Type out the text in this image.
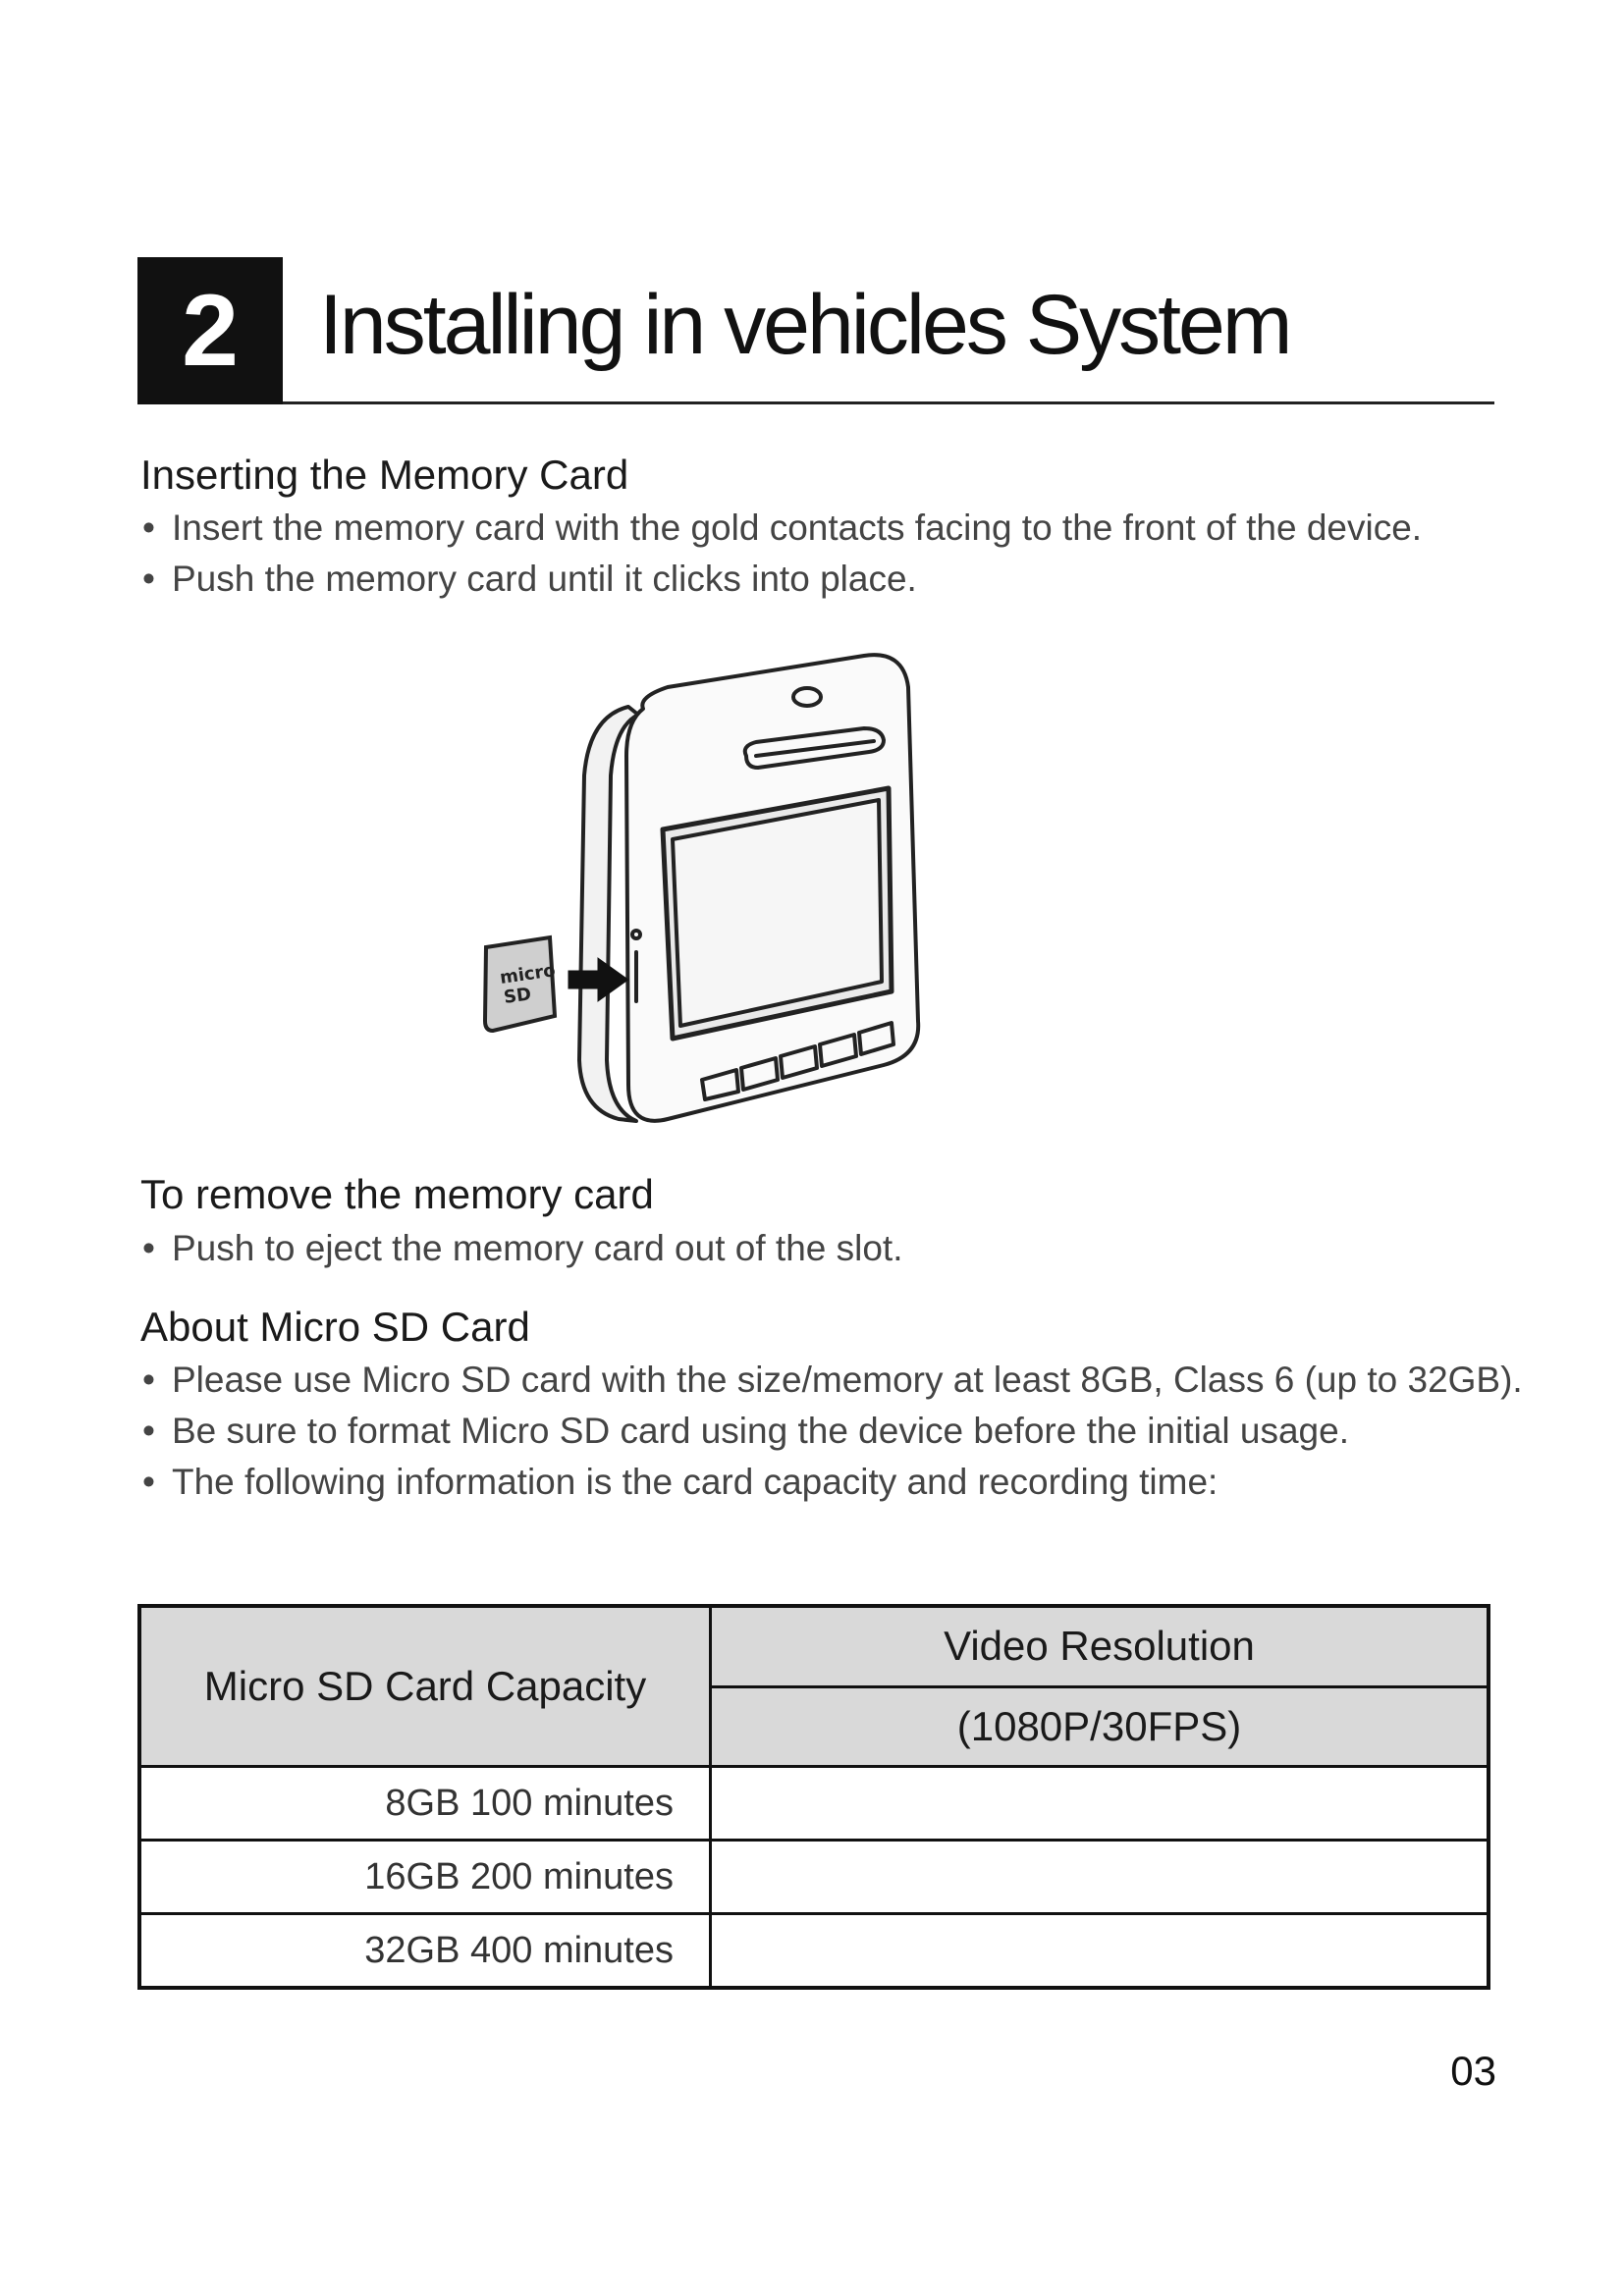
2 Installing in vehicles System
Inserting the Memory Card
• Insert the memory card with the gold contacts facing to the front of the device.
• Push the memory card until it clicks into place.
micro
SD
To remove the memory card
• Push to eject the memory card out of the slot.
About Micro SD Card
• Please use Micro SD card with the size/memory at least 8GB, Class 6 (up to 32GB).
• Be sure to format Micro SD card using the device before the initial usage.
• The following information is the card capacity and recording time:
Micro SD Card Capacity	Video Resolution
	(1080P/30FPS)
8GB 100 minutes	
16GB 200 minutes	
32GB 400 minutes	
03
